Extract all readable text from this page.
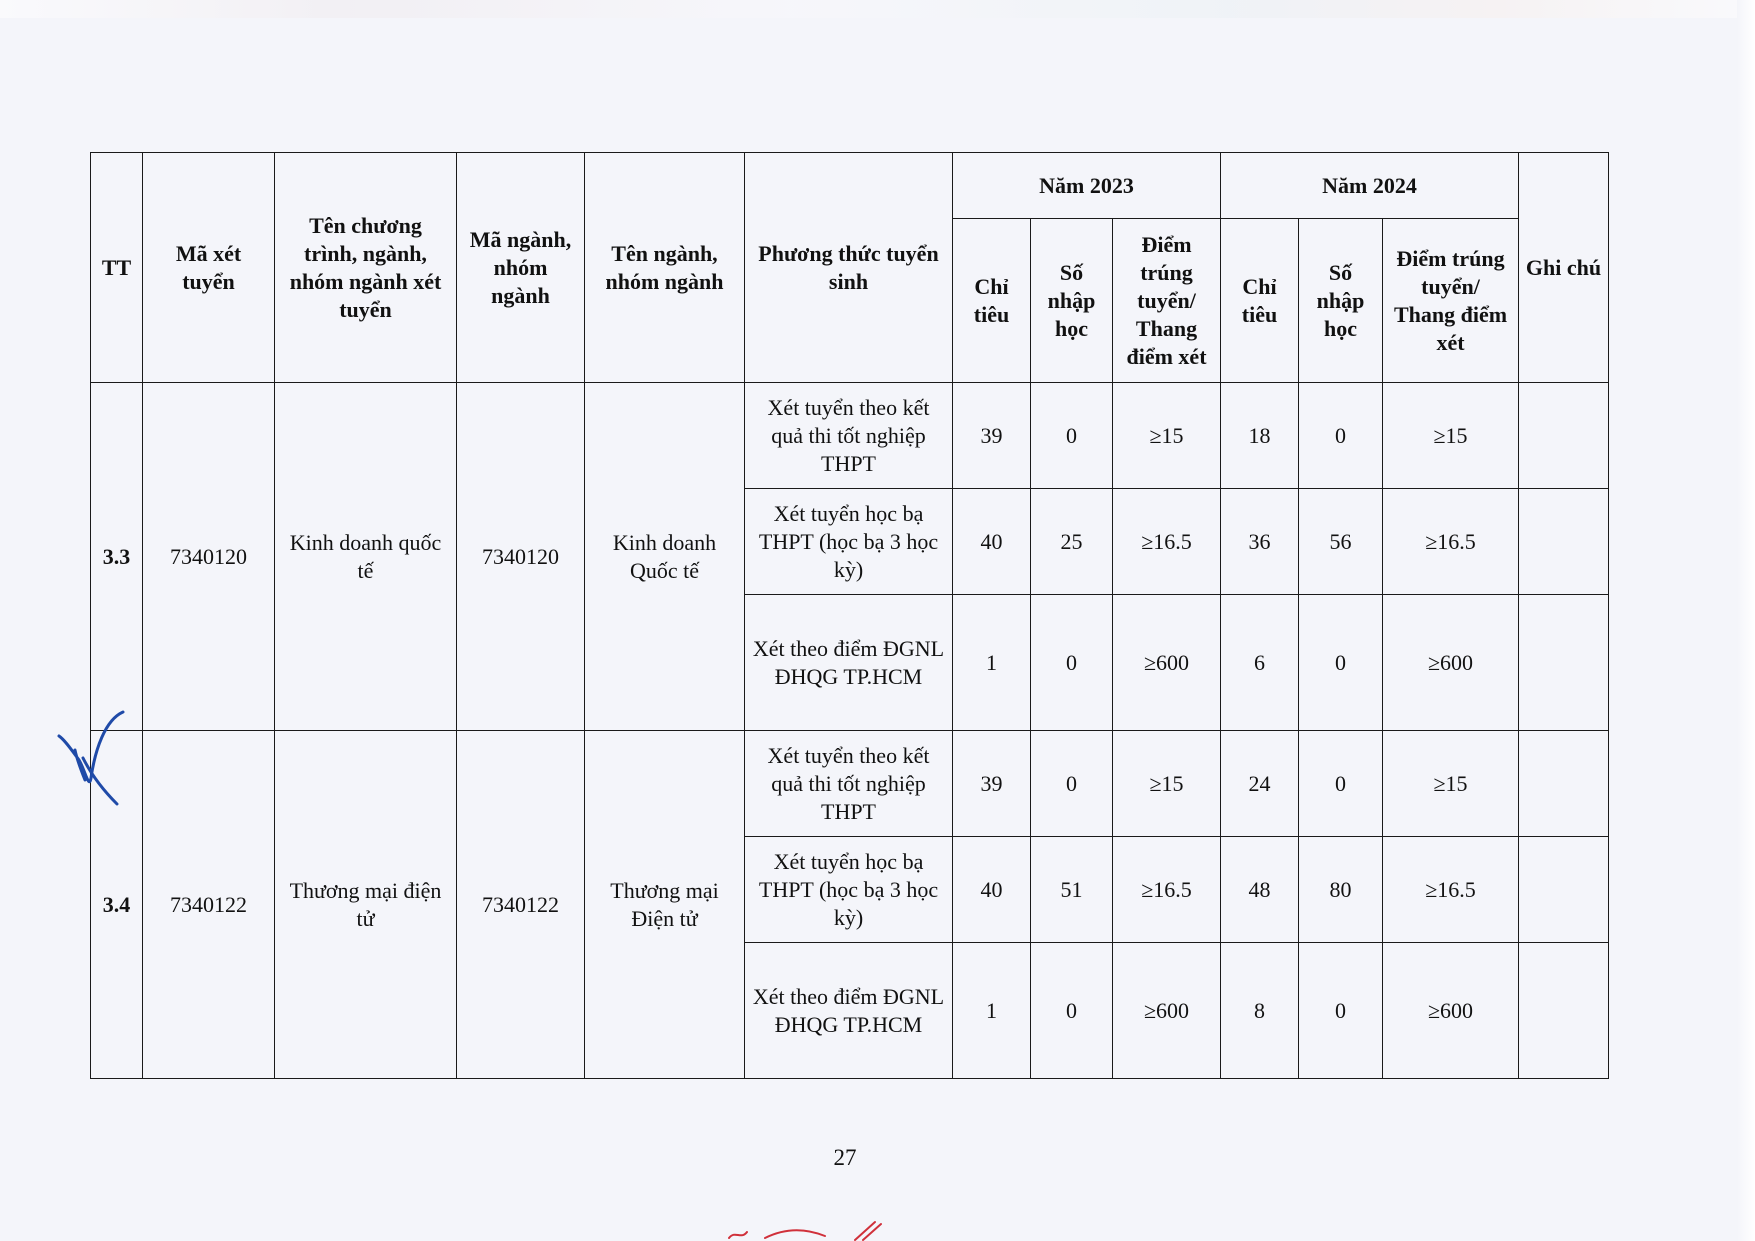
TT	Mã xét tuyển	Tên chương trình, ngành, nhóm ngành xét tuyển	Mã ngành, nhóm ngành	Tên ngành, nhóm ngành	Phương thức tuyển sinh	Năm 2023			Năm 2024			Ghi chú
						Chỉ tiêu	Số nhập học	Điểm trúng tuyển/ Thang điểm xét	Chỉ tiêu	Số nhập học	Điểm trúng tuyển/ Thang điểm xét	
3.3	7340120	Kinh doanh quốc tế	7340120	Kinh doanh Quốc tế	Xét tuyển theo kết quả thi tốt nghiệp THPT	39	0	≥15	18	0	≥15	
					Xét tuyển học bạ THPT (học bạ 3 học kỳ)	40	25	≥16.5	36	56	≥16.5	
					Xét theo điểm ĐGNL ĐHQG TP.HCM	1	0	≥600	6	0	≥600	
3.4	7340122	Thương mại điện tử	7340122	Thương mại Điện tử	Xét tuyển theo kết quả thi tốt nghiệp THPT	39	0	≥15	24	0	≥15	
					Xét tuyển học bạ THPT (học bạ 3 học kỳ)	40	51	≥16.5	48	80	≥16.5	
					Xét theo điểm ĐGNL ĐHQG TP.HCM	1	0	≥600	8	0	≥600	
27
